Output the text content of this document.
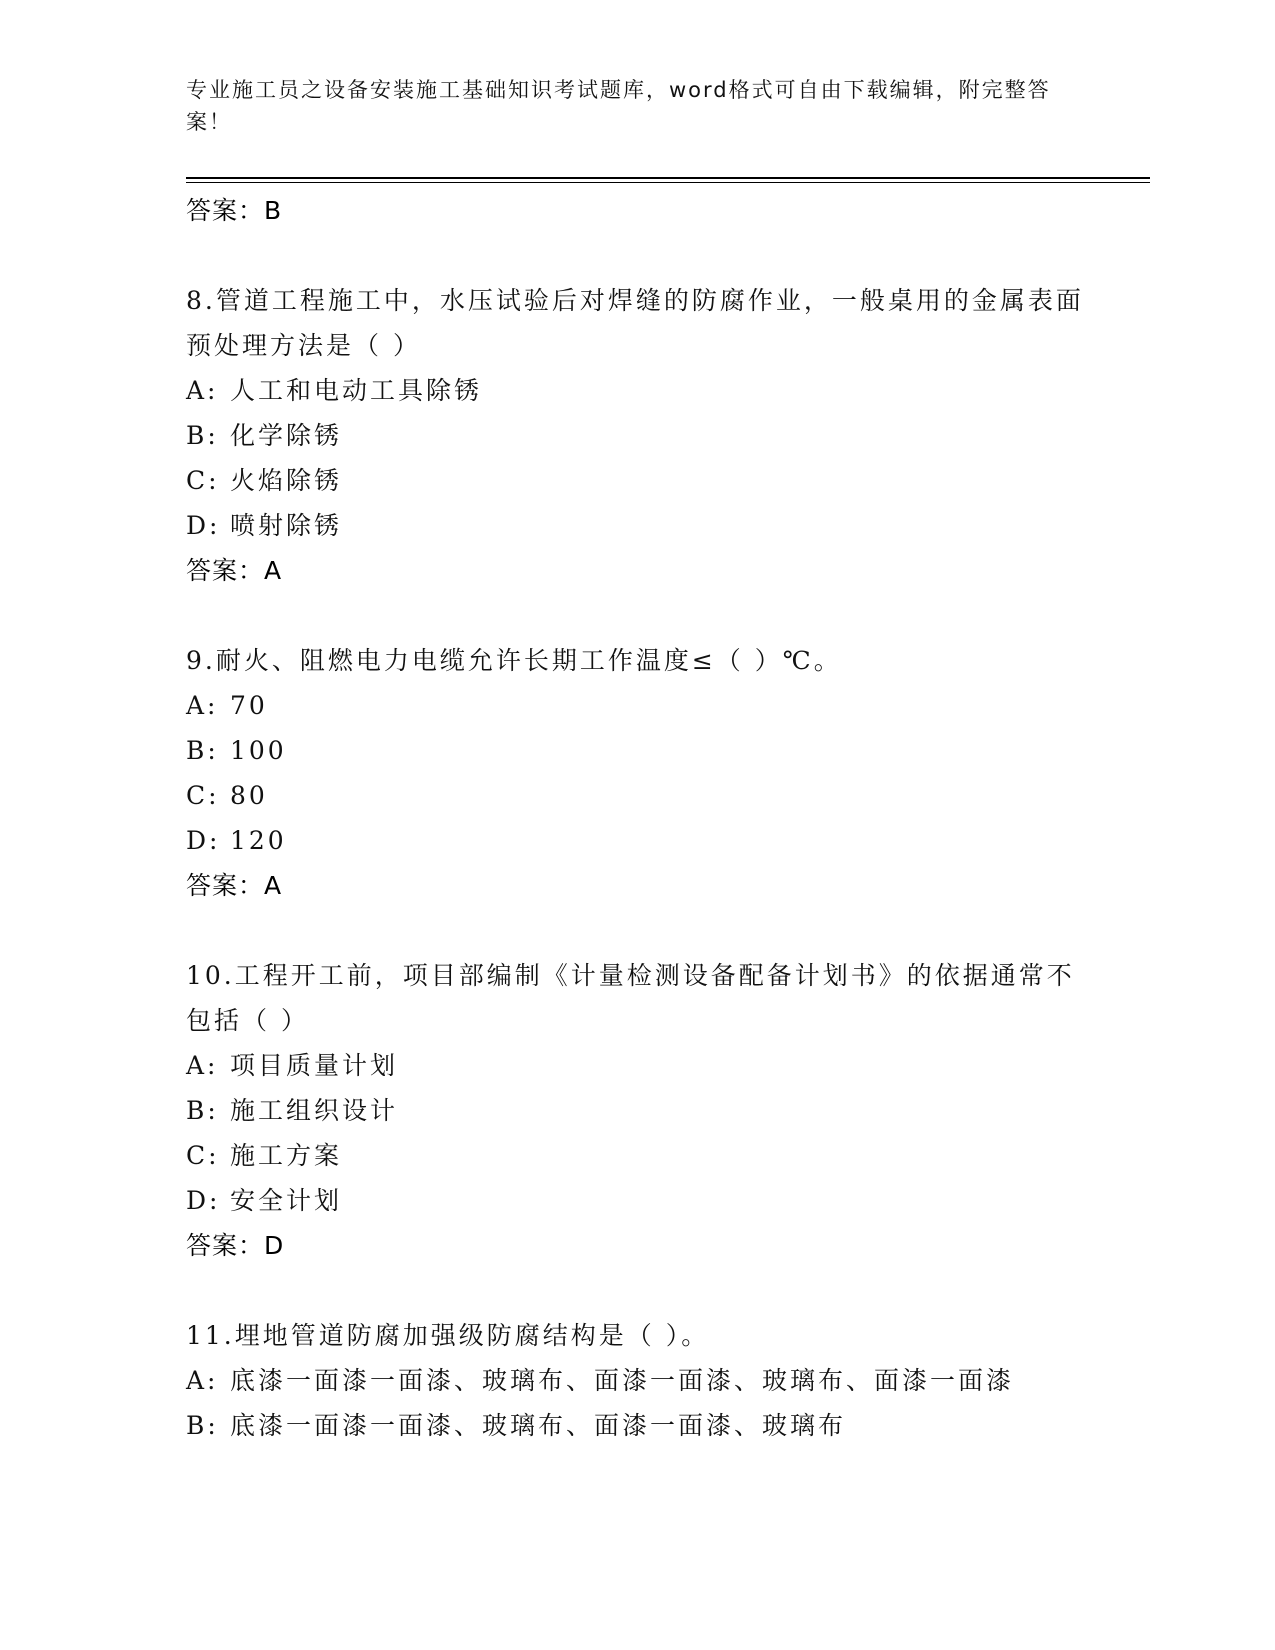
专业施工员之设备安装施工基础知识考试题库，word格式可自由下载编辑，附完整答案！
答案：B
8.管道工程施工中，水压试验后对焊缝的防腐作业，一般桌用的金属表面预处理方法是（ ）
A: 人工和电动工具除锈
B: 化学除锈
C: 火焰除锈
D: 喷射除锈
答案：A
9.耐火、阻燃电力电缆允许长期工作温度≤（ ）℃。
A: 70
B: 100
C: 80
D: 120
答案：A
10.工程开工前，项目部编制《计量检测设备配备计划书》的依据通常不包括（ ）
A: 项目质量计划
B: 施工组织设计
C: 施工方案
D: 安全计划
答案：D
11.埋地管道防腐加强级防腐结构是（ ）。
A: 底漆一面漆一面漆、玻璃布、面漆一面漆、玻璃布、面漆一面漆
B: 底漆一面漆一面漆、玻璃布、面漆一面漆、玻璃布
